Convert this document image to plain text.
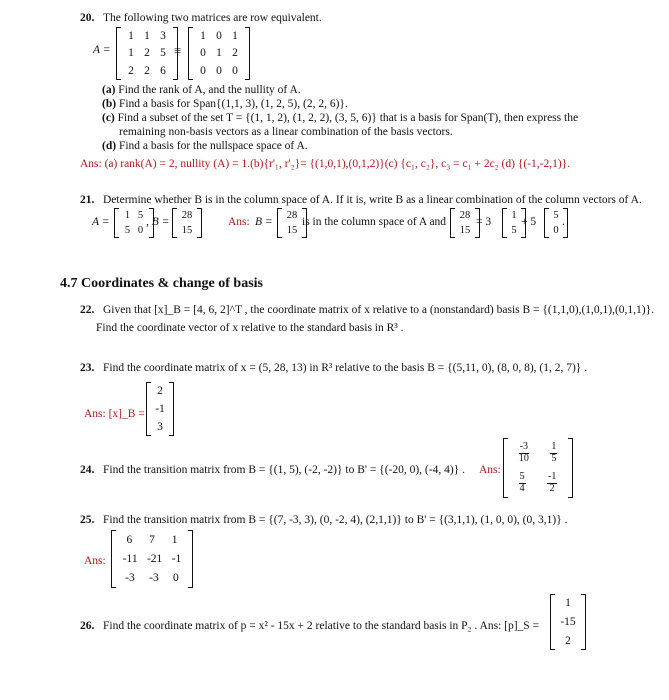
20. The following two matrices are row equivalent.
A =
1 1 3
1 2 5
2 2 6
≡
1 0 1
0 1 2
0 0 0
(a) Find the rank of A, and the nullity of A.
(b) Find a basis for Span{(1,1, 3), (1, 2, 5), (2, 2, 6)}.
(c) Find a subset of the set T = {(1, 1, 2), (1, 2, 2), (3, 5, 6)} that is a basis for Span(T), then express the
remaining non-basis vectors as a linear combination of the basis vectors.
(d) Find a basis for the nullspace space of A.
Ans: (a) rank(A) = 2, nullity (A) = 1.(b){r'₁, r'₂}= {(1,0,1),(0,1,2)}(c) {c₁, c₂}, c₃ = c₁ + 2c₂ (d) {(-1,-2,1)}.
21. Determine whether B is in the column space of A. If it is, write B as a linear combination of the column vectors of A.
A =
1 5
5 0
, B =
28
15
Ans: B =
28
15
is in the column space of A and
28
15
= 3
1
5
+ 5
5
0
.
4.7 Coordinates & change of basis
22. Given that [x]_B = [4, 6, 2]^T , the coordinate matrix of x relative to a (nonstandard) basis B = {(1,1,0),(1,0,1),(0,1,1)}.
Find the coordinate vector of x relative to the standard basis in R³ .
23. Find the coordinate matrix of x = (5, 28, 13) in R³ relative to the basis B = {(5,11, 0), (8, 0, 8), (1, 2, 7)} .
Ans: [x]_B =
2
-1
3
24. Find the transition matrix from B = {(1, 5), (-2, -2)} to B' = {(-20, 0), (-4, 4)} . Ans:
$\frac{-3}{10} \frac{1}{5}$
$\frac{5}{4} \frac{-1}{2}$
25. Find the transition matrix from B = {(7, -3, 3), (0, -2, 4), (2,1,1)} to B' = {(3,1,1), (1, 0, 0), (0, 3,1)} .
Ans:
6 7 1
-11 -21 -1
-3 -3 0
26. Find the coordinate matrix of p = x² - 15x + 2 relative to the standard basis in P₂ . Ans: [p]_S =
1
-15
2
